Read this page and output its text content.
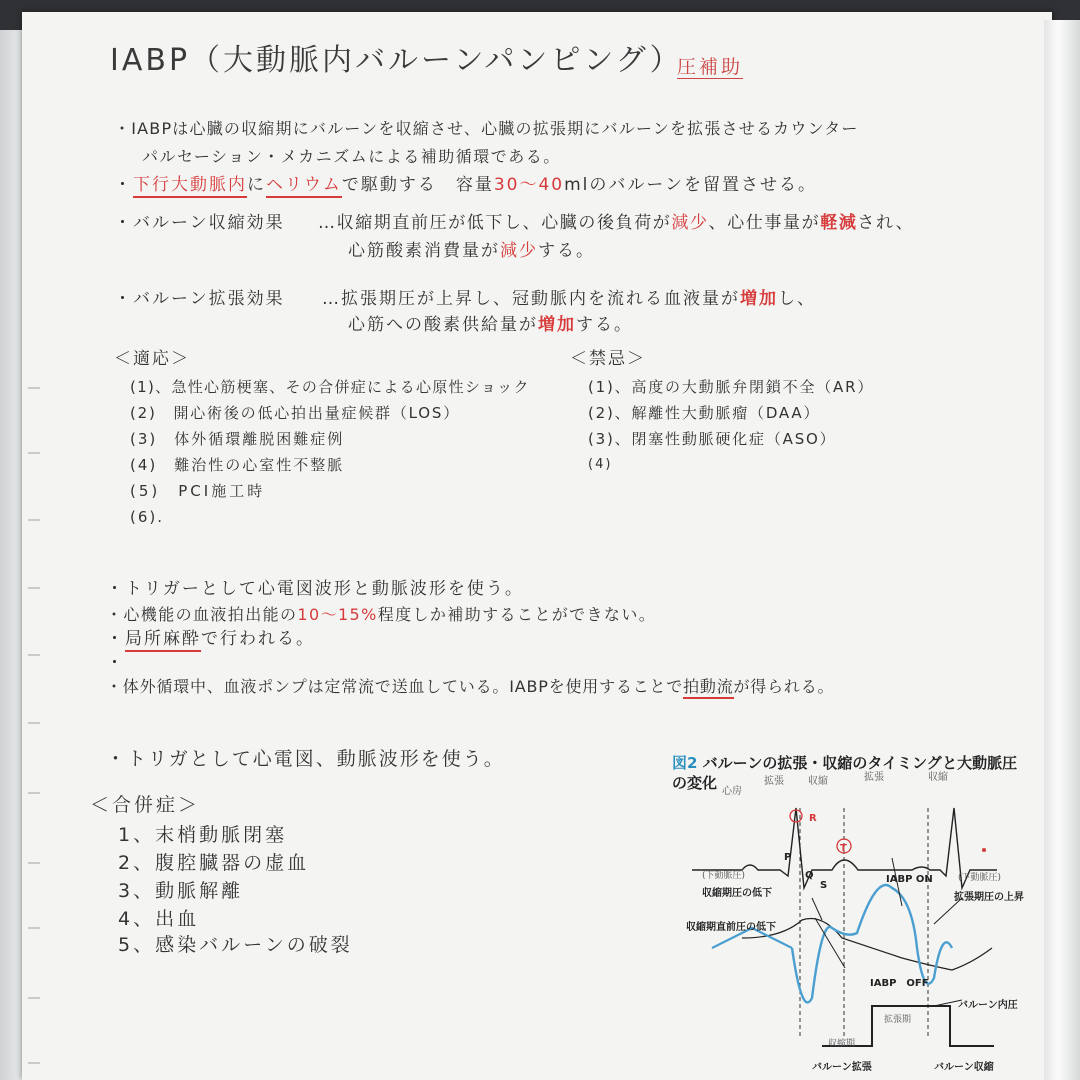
IABP（大動脈内バルーンパンピング）
圧補助
・IABPは心臓の収縮期にバルーンを収縮させ、心臓の拡張期にバルーンを拡張させるカウンター
パルセーション・メカニズムによる補助循環である。
・下行大動脈内にヘリウムで駆動する　容量30〜40mlのバルーンを留置させる。
・バルーン収縮効果 …収縮期直前圧が低下し、心臓の後負荷が減少、心仕事量が軽減され、
心筋酸素消費量が減少する。
・バルーン拡張効果 …拡張期圧が上昇し、冠動脈内を流れる血液量が増加し、
心筋への酸素供給量が増加する。
＜適応＞
(1)、急性心筋梗塞、その合併症による心原性ショック
(2)　開心術後の低心拍出量症候群（LOS）
(3)　体外循環離脱困難症例
(4)　難治性の心室性不整脈
(5)　PCI施工時
(6).
＜禁忌＞
(1)、高度の大動脈弁閉鎖不全（AR）
(2)、解離性大動脈瘤（DAA）
(3)、閉塞性動脈硬化症（ASO）
(4)
・トリガーとして心電図波形と動脈波形を使う。
・心機能の血液拍出能の10〜15%程度しか補助することができない。
・局所麻酔で行われる。
・
・体外循環中、血液ポンプは定常流で送血している。IABPを使用することで拍動流が得られる。
・トリガとして心電図、動脈波形を使う。
＜合併症＞
1、末梢動脈閉塞
2、腹腔臓器の虚血
3、動脈解離
4、出血
5、感染バルーンの破裂
図2 バルーンの拡張・収縮のタイミングと大動脈圧
の変化 心房
拡張 収縮	拡張	収縮
R
T
P
Q
S
IABP ON
収縮期圧の低下
収縮期直前圧の低下
拡張期圧の上昇
IABP　OFF
バルーン内圧
バルーン拡張	バルーン収縮
(下動脈圧)	(下動脈圧)
拡張期
収縮期
